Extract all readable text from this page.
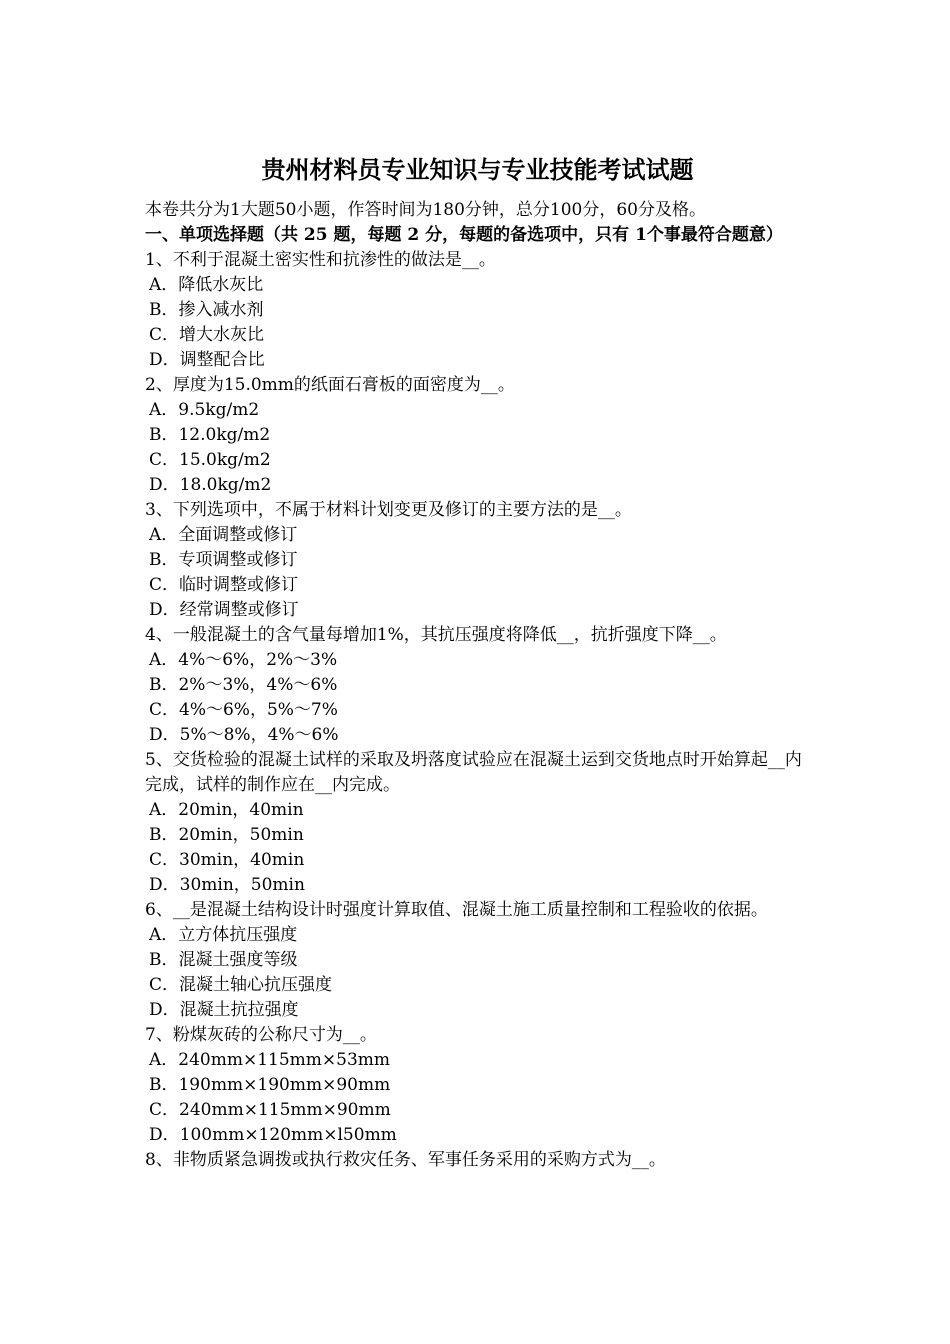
贵州材料员专业知识与专业技能考试试题

本卷共分为1大题50小题，作答时间为180分钟，总分100分，60分及格。

一、单项选择题（共 25 题，每题 2 分，每题的备选项中，只有 1个事最符合题意）

1、不利于混凝土密实性和抗渗性的做法是__。

A．降低水灰比

B．掺入减水剂

C．增大水灰比

D．调整配合比

2、厚度为15.0mm的纸面石膏板的面密度为__。

A．9.5kg/m2

B．12.0kg/m2

C．15.0kg/m2

D．18.0kg/m2

3、下列选项中，不属于材料计划变更及修订的主要方法的是__。

A．全面调整或修订

B．专项调整或修订

C．临时调整或修订

D．经常调整或修订

4、一般混凝土的含气量每增加1%，其抗压强度将降低__，抗折强度下降__。

A．4%～6%，2%～3%

B．2%～3%，4%～6%

C．4%～6%，5%～7%

D．5%～8%，4%～6%

5、交货检验的混凝土试样的采取及坍落度试验应在混凝土运到交货地点时开始算起__内完成，试样的制作应在__内完成。

A．20min，40min

B．20min，50min

C．30min，40min

D．30min，50min

6、__是混凝土结构设计时强度计算取值、混凝土施工质量控制和工程验收的依据。

A．立方体抗压强度

B．混凝土强度等级

C．混凝土轴心抗压强度

D．混凝土抗拉强度

7、粉煤灰砖的公称尺寸为__。

A．240mm×115mm×53mm

B．190mm×190mm×90mm

C．240mm×115mm×90mm

D．100mm×120mm×l50mm

8、非物质紧急调拨或执行救灾任务、军事任务采用的采购方式为__。
